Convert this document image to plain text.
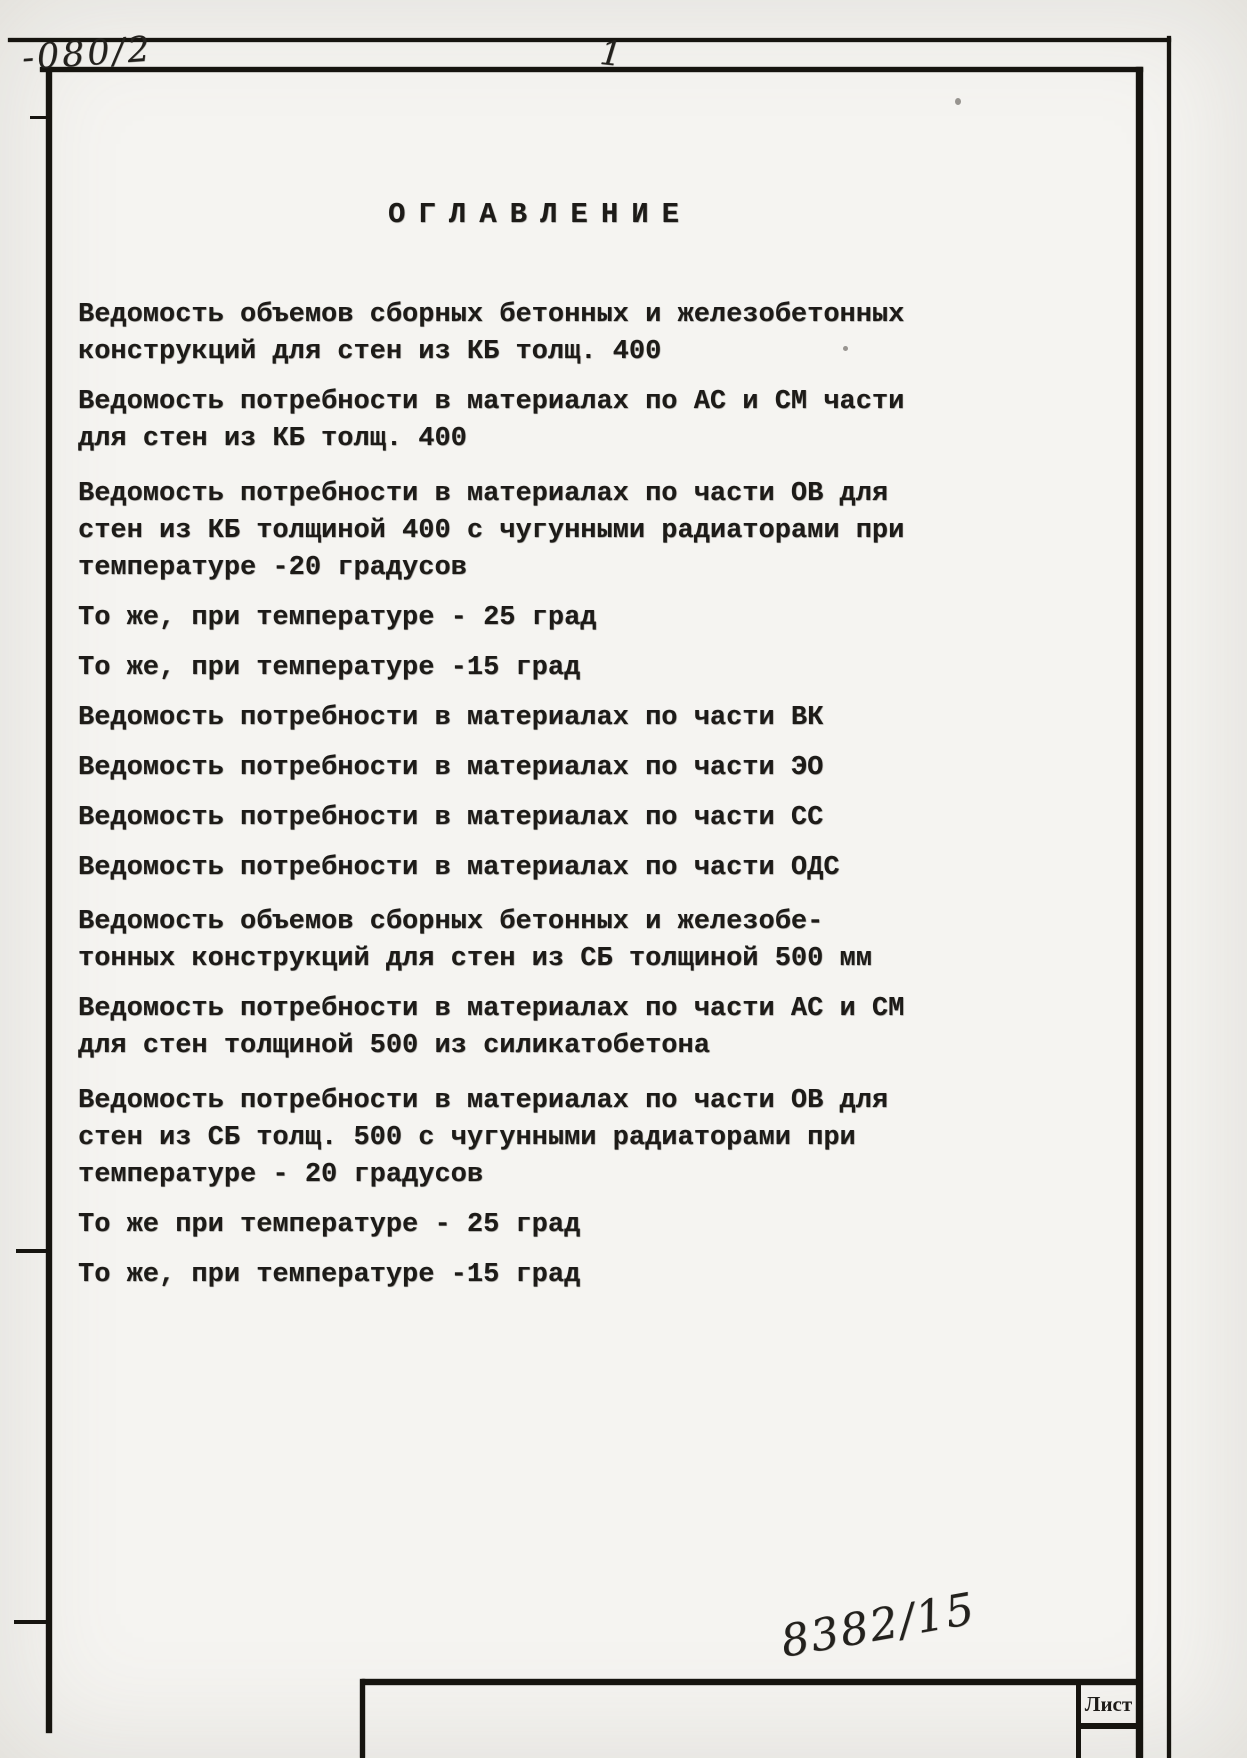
Лист
-080/2	1
8382/15
ОГЛАВЛЕНИЕ

Ведомость объемов сборных бетонных и железобетонных
конструкций для стен из КБ толщ. 400

Ведомость потребности в материалах по АС и СМ части
для стен из КБ толщ. 400

Ведомость потребности в материалах по части ОВ для
стен из КБ толщиной 400 с чугунными радиаторами при
температуре -20 градусов

То же, при температуре - 25 град

То же, при температуре -15 град

Ведомость потребности в материалах по части ВК

Ведомость потребности в материалах по части ЭО

Ведомость потребности в материалах по части СС

Ведомость потребности в материалах по части ОДС

Ведомость объемов сборных бетонных и железобе-
тонных конструкций для стен из СБ толщиной 500 мм

Ведомость потребности в материалах по части АС и СМ
для стен толщиной 500 из силикатобетона

Ведомость потребности в материалах по части ОВ для
стен из СБ толщ. 500 с чугунными радиаторами при
температуре - 20 градусов

То же при температуре - 25 град

То же, при температуре -15 град
